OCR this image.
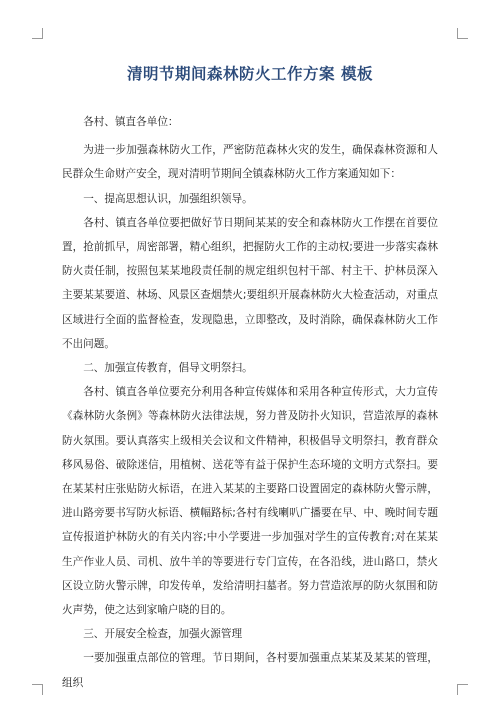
清明节期间森林防火工作方案 模板

各村、镇直各单位：

为进一步加强森林防火工作，严密防范森林火灾的发生，确保森林资源和人民群众生命财产安全，现对清明节期间全镇森林防火工作方案通知如下：

一、提高思想认识，加强组织领导。

各村、镇直各单位要把做好节日期间某某的安全和森林防火工作摆在首要位置，抢前抓早，周密部署，精心组织，把握防火工作的主动权;要进一步落实森林防火责任制，按照包某某地段责任制的规定组织包村干部、村主干、护林员深入主要某某要道、林场、风景区查烟禁火;要组织开展森林防火大检查活动，对重点区域进行全面的监督检查，发现隐患，立即整改，及时消除，确保森林防火工作不出问题。

二、加强宣传教育，倡导文明祭扫。

各村、镇直各单位要充分利用各种宣传媒体和采用各种宣传形式，大力宣传《森林防火条例》等森林防火法律法规，努力普及防扑火知识，营造浓厚的森林防火氛围。要认真落实上级相关会议和文件精神，积极倡导文明祭扫，教育群众移风易俗、破除迷信，用植树、送花等有益于保护生态环境的文明方式祭扫。要在某某村庄张贴防火标语，在进入某某的主要路口设置固定的森林防火警示牌，进山路旁要书写防火标语、横幅路标;各村有线喇叭广播要在早、中、晚时间专题宣传报道护林防火的有关内容;中小学要进一步加强对学生的宣传教育;对在某某生产作业人员、司机、放牛羊的等要进行专门宣传，在各沿线，进山路口，禁火区设立防火警示牌，印发传单，发给清明扫墓者。努力营造浓厚的防火氛围和防火声势，使之达到家喻户晓的目的。

三、开展安全检查，加强火源管理

一要加强重点部位的管理。节日期间，各村要加强重点某某及某某的管理，组织
